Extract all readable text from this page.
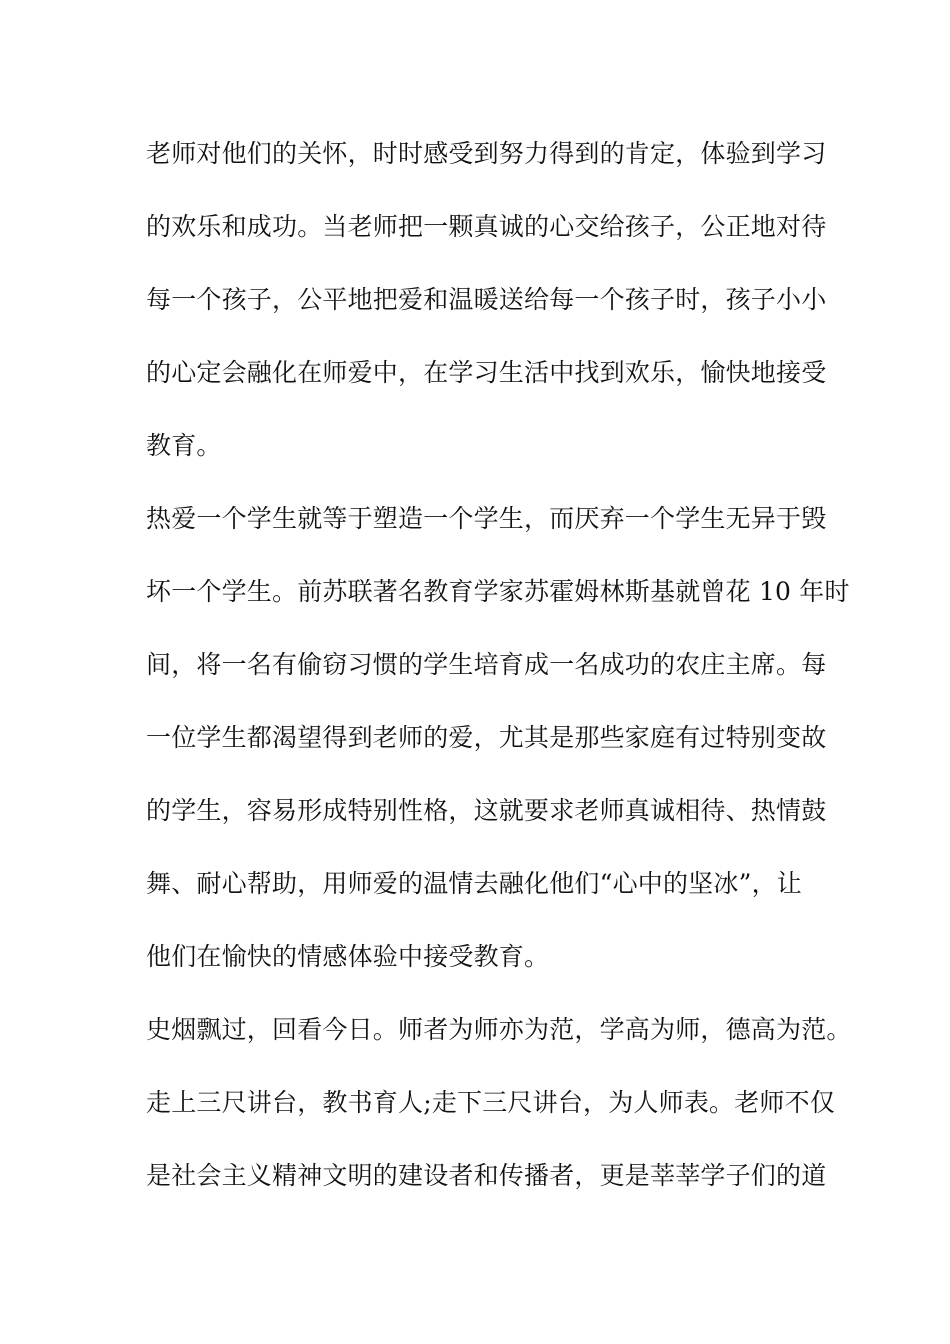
老师对他们的关怀，时时感受到努力得到的肯定，体验到学习
的欢乐和成功。当老师把一颗真诚的心交给孩子，公正地对待
每一个孩子，公平地把爱和温暖送给每一个孩子时，孩子小小
的心定会融化在师爱中，在学习生活中找到欢乐，愉快地接受
教育。
热爱一个学生就等于塑造一个学生，而厌弃一个学生无异于毁
坏一个学生。前苏联著名教育学家苏霍姆林斯基就曾花 10 年时
间，将一名有偷窃习惯的学生培育成一名成功的农庄主席。每
一位学生都渴望得到老师的爱，尤其是那些家庭有过特别变故
的学生，容易形成特别性格，这就要求老师真诚相待、热情鼓
舞、耐心帮助，用师爱的温情去融化他们“心中的坚冰”，让
他们在愉快的情感体验中接受教育。
史烟飘过，回看今日。师者为师亦为范，学高为师，德高为范。
走上三尺讲台，教书育人;走下三尺讲台，为人师表。老师不仅
是社会主义精神文明的建设者和传播者，更是莘莘学子们的道
